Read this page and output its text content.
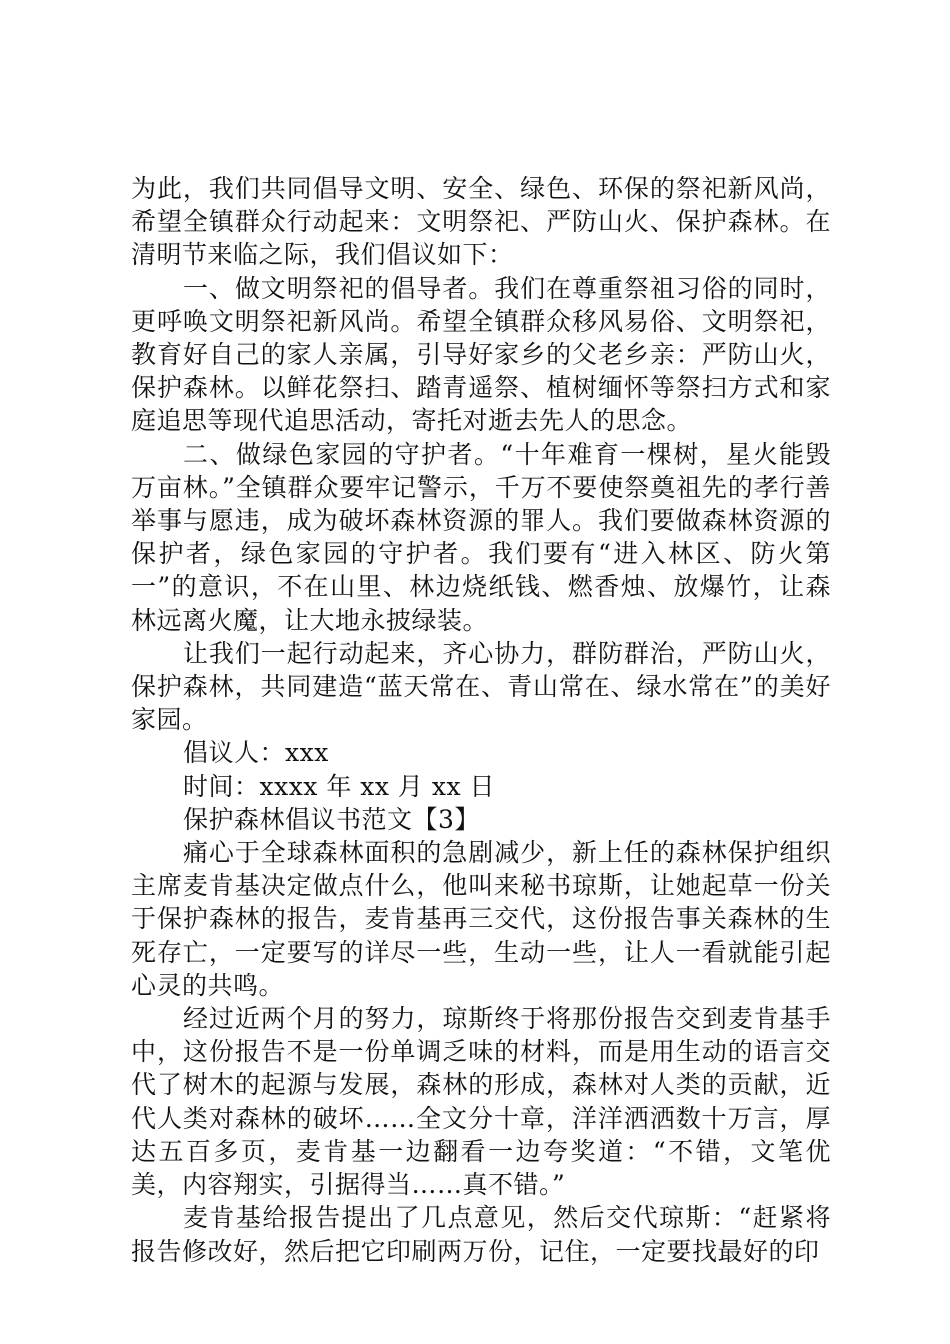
为此，我们共同倡导文明、安全、绿色、环保的祭祀新风尚，希望全镇群众行动起来：文明祭祀、严防山火、保护森林。在清明节来临之际，我们倡议如下：

一、做文明祭祀的倡导者。我们在尊重祭祖习俗的同时，更呼唤文明祭祀新风尚。希望全镇群众移风易俗、文明祭祀，教育好自己的家人亲属，引导好家乡的父老乡亲：严防山火，保护森林。以鲜花祭扫、踏青遥祭、植树缅怀等祭扫方式和家庭追思等现代追思活动，寄托对逝去先人的思念。

二、做绿色家园的守护者。“十年难育一棵树，星火能毁万亩林。”全镇群众要牢记警示，千万不要使祭奠祖先的孝行善举事与愿违，成为破坏森林资源的罪人。我们要做森林资源的保护者，绿色家园的守护者。我们要有“进入林区、防火第一”的意识，不在山里、林边烧纸钱、燃香烛、放爆竹，让森林远离火魔，让大地永披绿装。

让我们一起行动起来，齐心协力，群防群治，严防山火，保护森林，共同建造“蓝天常在、青山常在、绿水常在”的美好家园。

倡议人：xxx

时间：xxxx 年 xx 月 xx 日

保护森林倡议书范文【3】

痛心于全球森林面积的急剧减少，新上任的森林保护组织主席麦肯基决定做点什么，他叫来秘书琼斯，让她起草一份关于保护森林的报告，麦肯基再三交代，这份报告事关森林的生死存亡，一定要写的详尽一些，生动一些，让人一看就能引起心灵的共鸣。

经过近两个月的努力，琼斯终于将那份报告交到麦肯基手中，这份报告不是一份单调乏味的材料，而是用生动的语言交代了树木的起源与发展，森林的形成，森林对人类的贡献，近代人类对森林的破坏……全文分十章，洋洋洒洒数十万言，厚达五百多页，麦肯基一边翻看一边夸奖道：“不错，文笔优美，内容翔实，引据得当……真不错。”

麦肯基给报告提出了几点意见，然后交代琼斯：“赶紧将报告修改好，然后把它印刷两万份，记住，一定要找最好的印
